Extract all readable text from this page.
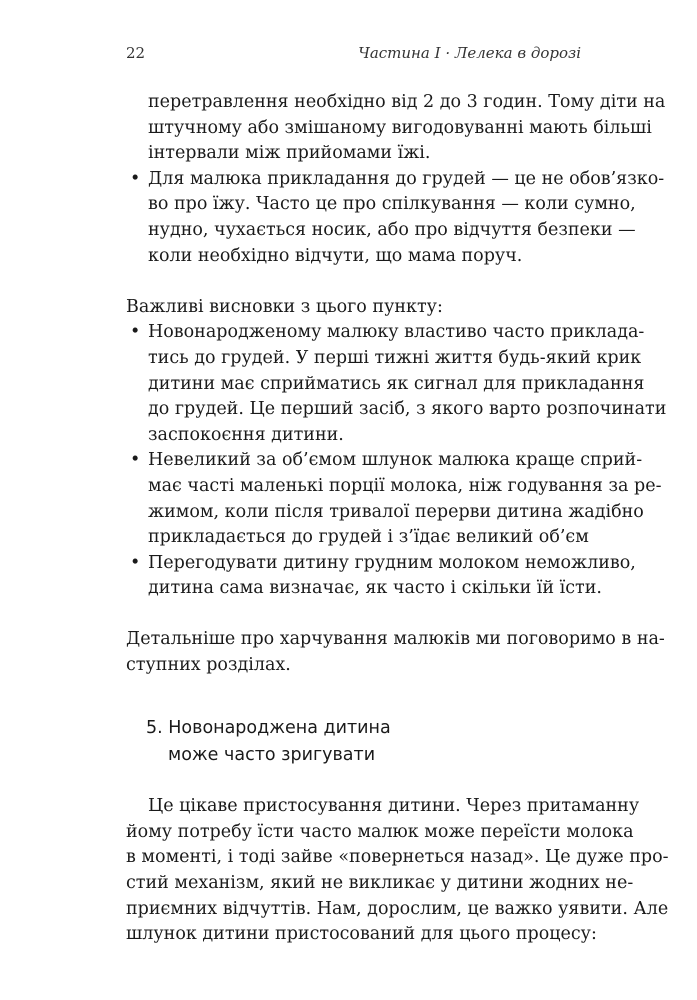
22	Частина I · Лелека в дорозі
перетравлення необхідно від 2 до 3 годин. Тому діти на
штучному або змішаному вигодовуванні мають більші
інтервали між прийомами їжі.
• Для малюка прикладання до грудей — це не обов’язко-
во про їжу. Часто це про спілкування — коли сумно,
нудно, чухається носик, або про відчуття безпеки —
коли необхідно відчути, що мама поруч.
Важливі висновки з цього пункту:
• Новонародженому малюку властиво часто приклада-
тись до грудей. У перші тижні життя будь-який крик
дитини має сприйматись як сигнал для прикладання
до грудей. Це перший засіб, з якого варто розпочинати
заспокоєння дитини.
• Невеликий за об’ємом шлунок малюка краще сприй-
має часті маленькі порції молока, ніж годування за ре-
жимом, коли після тривалої перерви дитина жадібно
прикладається до грудей і з’їдає великий об’єм
• Перегодувати дитину грудним молоком неможливо,
дитина сама визначає, як часто і скільки їй їсти.
Детальніше про харчування малюків ми поговоримо в на-
ступних розділах.
5. Новонароджена дитина
може часто зригувати
Це цікаве пристосування дитини. Через притаманну
йому потребу їсти часто малюк може переїсти молока
в моменті, і тоді зайве «повернеться назад». Це дуже про-
стий механізм, який не викликає у дитини жодних не-
приємних відчуттів. Нам, дорослим, це важко уявити. Але
шлунок дитини пристосований для цього процесу:
